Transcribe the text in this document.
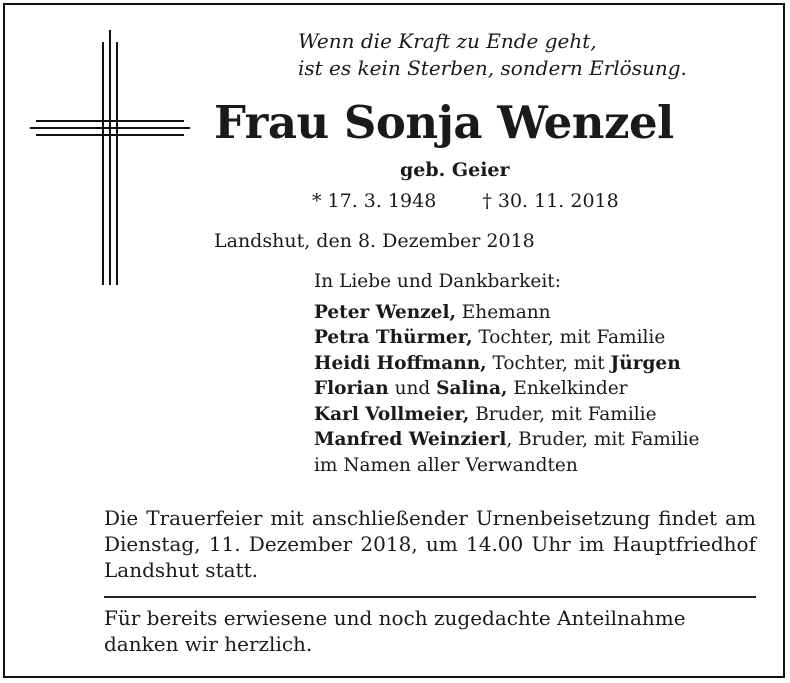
Wenn die Kraft zu Ende geht,
ist es kein Sterben, sondern Erlösung.
Frau Sonja Wenzel
geb. Geier
* 17. 3. 1948 † 30. 11. 2018
Landshut, den 8. Dezember 2018
In Liebe und Dankbarkeit:
Peter Wenzel, Ehemann
Petra Thürmer, Tochter, mit Familie
Heidi Hoffmann, Tochter, mit Jürgen
Florian und Salina, Enkelkinder
Karl Vollmeier, Bruder, mit Familie
Manfred Weinzierl, Bruder, mit Familie
im Namen aller Verwandten
Die Trauerfeier mit anschließender Urnenbeisetzung findet am Dienstag, 11. Dezember 2018, um 14.00 Uhr im Hauptfriedhof Landshut statt.
Für bereits erwiesene und noch zugedachte Anteilnahme danken wir herzlich.
